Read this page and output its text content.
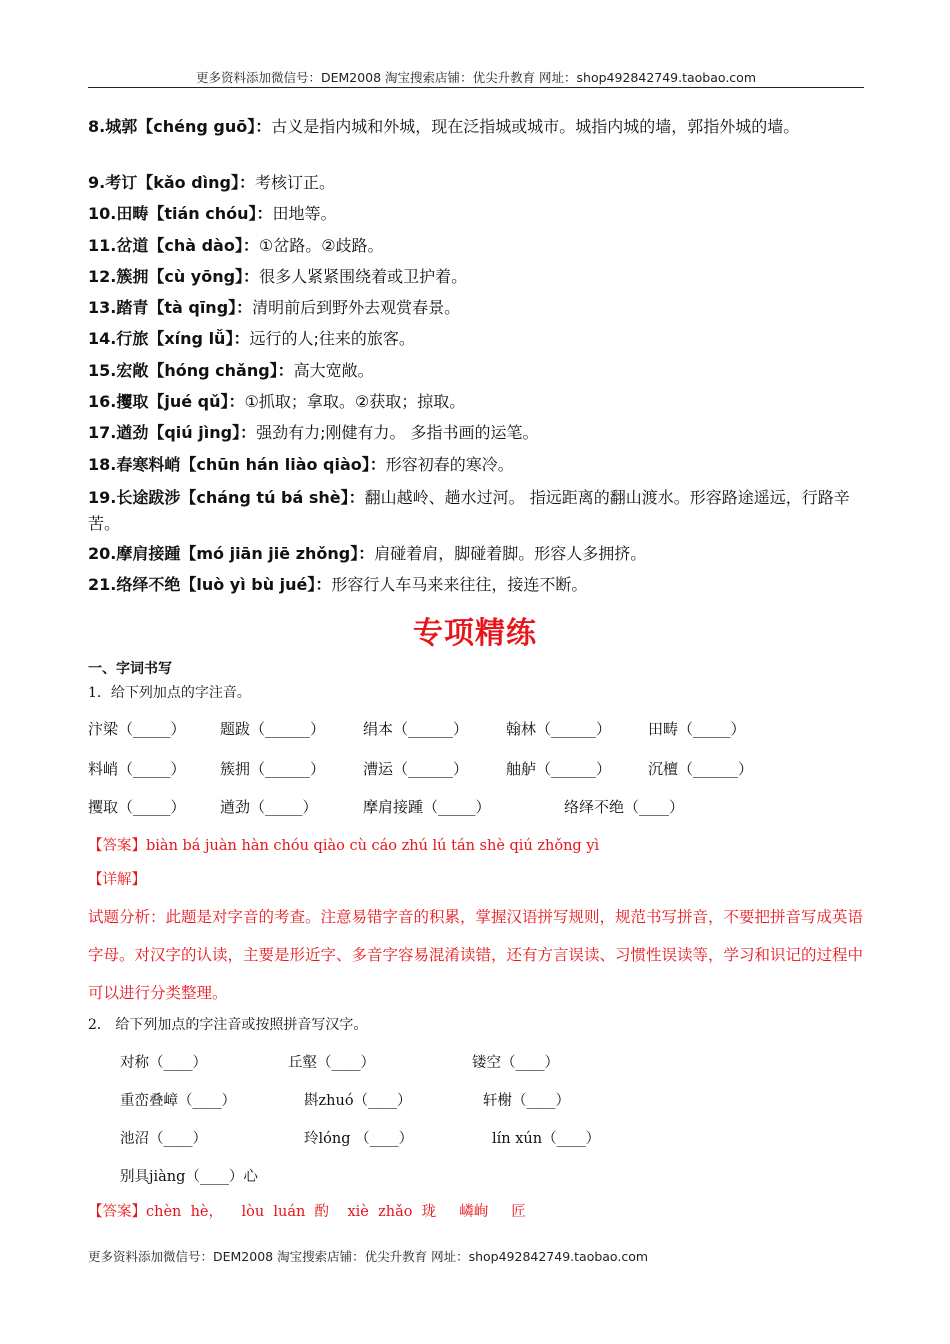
更多资料添加微信号：DEM2008 淘宝搜索店铺：优尖升教育 网址：shop492842749.taobao.com
8.城郭【chéng guō】：古义是指内城和外城，现在泛指城或城市。城指内城的墙，郭指外城的墙。
9.考订【kǎo dìng】：考核订正。
10.田畴【tián chóu】：田地等。
11.岔道【chà dào】：①岔路。②歧路。
12.簇拥【cù yōng】：很多人紧紧围绕着或卫护着。
13.踏青【tà qīng】：清明前后到野外去观赏春景。
14.行旅【xíng lǚ】：远行的人;往来的旅客。
15.宏敞【hóng chǎng】：高大宽敞。
16.攫取【jué qǔ】：①抓取；拿取。②获取；掠取。
17.遒劲【qiú jìng】：强劲有力;刚健有力。 多指书画的运笔。
18.春寒料峭【chūn hán liào qiào】：形容初春的寒冷。
19.长途跋涉【cháng tú bá shè】：翻山越岭、趟水过河。 指远距离的翻山渡水。形容路途遥远，行路辛苦。
20.摩肩接踵【mó jiān jiē zhǒng】：肩碰着肩，脚碰着脚。形容人多拥挤。
21.络绎不绝【luò yì bù jué】：形容行人车马来来往往，接连不断。
专项精练
一、字词书写
1．给下列加点的字注音。
汴梁（_____） 题跋（______）	绢本（______）	翰林（______） 田畴（_____）
料峭（_____） 簇拥（______）	漕运（______）	舳舻（______） 沉檀（______）
攫取（_____） 遒劲（_____）	摩肩接踵（_____）	络绎不绝（____）
【答案】biàn bá juàn hàn chóu qiào cù cáo zhú lú tán shè qiú zhǒng yì
【详解】
试题分析：此题是对字音的考查。注意易错字音的积累，掌握汉语拼写规则，规范书写拼音，不要把拼音写成英语字母。对汉字的认读，主要是形近字、多音字容易混淆读错，还有方言误读、习惯性误读等，学习和识记的过程中可以进行分类整理。
2． 给下列加点的字注音或按照拼音写汉字。
对称（____）	丘壑（____）	镂空（____）
重峦叠嶂（____）	斟zhuó（____）	轩榭（____）
池沼（____）	玲lóng （____）	lín xún（____）
别具jiàng（____）心
【答案】chèn  hè，    lòu  luán  酌    xiè  zhǎo  珑     嶙峋     匠
更多资料添加微信号：DEM2008 淘宝搜索店铺：优尖升教育 网址：shop492842749.taobao.com
